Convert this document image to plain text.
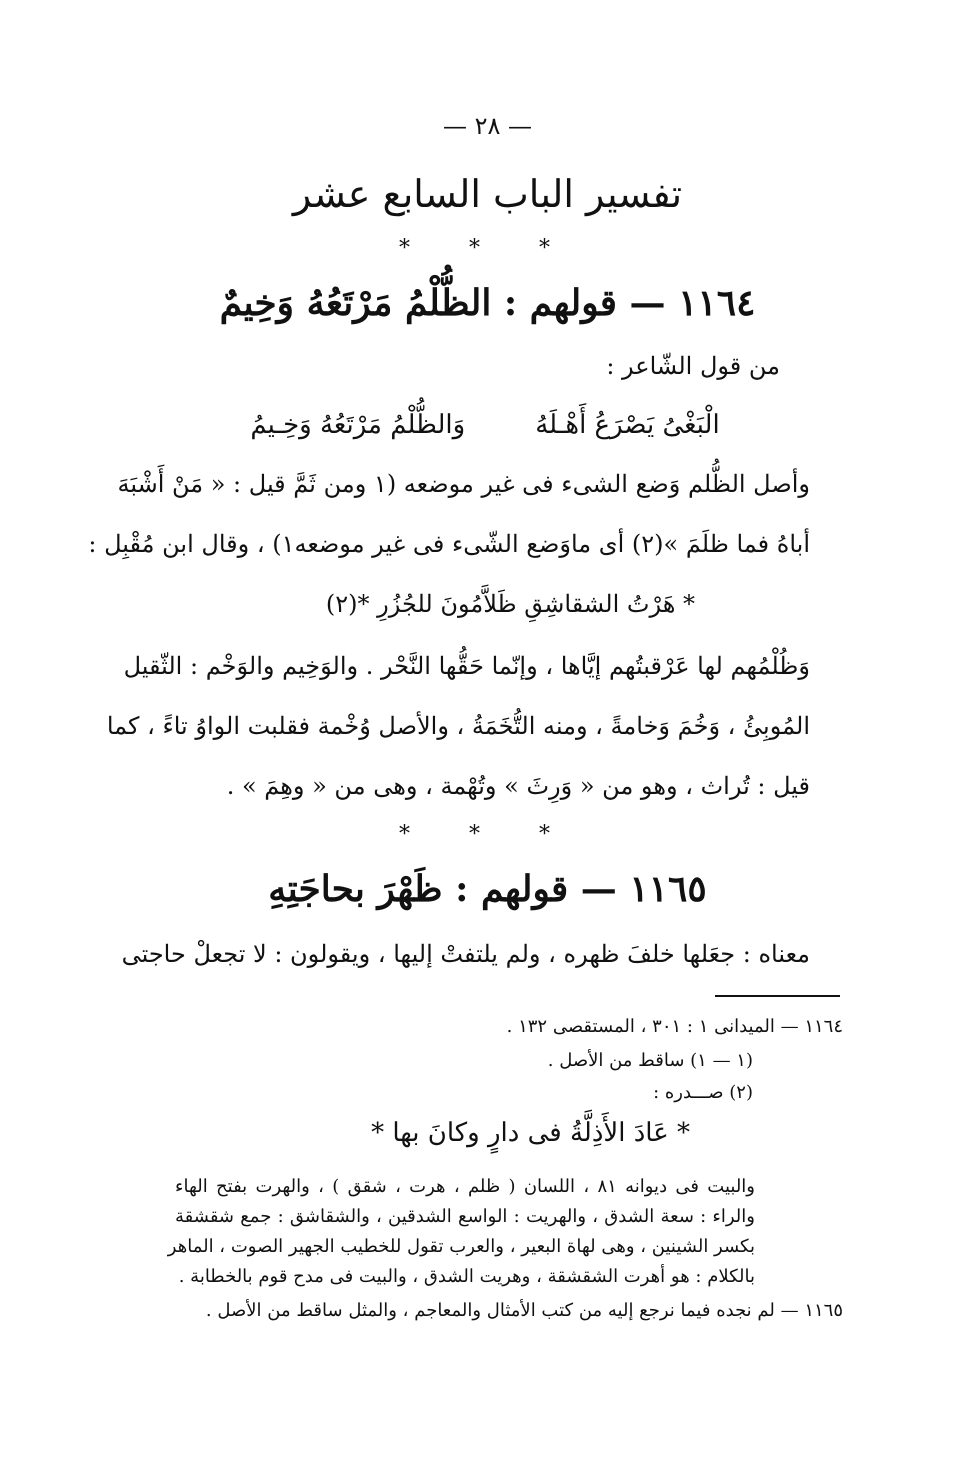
— ٢٨ —
تفسير الباب السابع عشر
* * *
١١٦٤ — قولهم : الظُّلْمُ مَرْتَعُهُ وَخِيمٌ
من قول الشّاعر :
الْبَغْىُ يَصْرَعُ أَهْـلَهُوَالظُّلْمُ مَرْتَعُهُ وَخِـيمُ
وأصل الظُّلم وَضع الشىء فى غير موضعه (١ ومن ثَمَّ قيل : « مَنْ أَشْبَهَ
أباهُ فما ظلَمَ »(٢) أى ماوَضع الشّىء فى غير موضعه١) ، وقال ابن مُقْبِل :
* هَرْتُ الشقاشِقِ ظَلاَّمُونَ للجُزُرِ *(٢)
وَظُلْمُهم لها عَرْقبتُهم إيَّاها ، وإنّما حَقُّها النَّحْر . والوَخِيم والوَخْم : الثّقيل
المُوبِئُ ، وَخُمَ وَخامةً ، ومنه التُّخَمَةُ ، والأصل وُخْمة فقلبت الواوُ تاءً ، كما
قيل : تُراث ، وهو من « وَرِثَ » وتُهْمة ، وهى من « وهِمَ » .
* * *
١١٦٥ — قولهم : ظَهْرَ بحاجَتِهِ
معناه : جعَلها خلفَ ظهره ، ولم يلتفتْ إليها ، ويقولون : لا تجعلْ حاجتى
١١٦٤ — الميدانى ١ : ٣٠١ ، المستقصى ١٣٢ .
(١ — ١) ساقط من الأصل .
(٢) صـــدره :
* عَادَ الأَذِلَّةُ فى دارٍ وكانَ بها *
والبيت فى ديوانه ٨١ ، اللسان ( ظلم ، هرت ، شقق ) ، والهرت بفتح الهاء
والراء : سعة الشدق ، والهريت : الواسع الشدقين ، والشقاشق : جمع شقشقة
بكسر الشينين ، وهى لهاة البعير ، والعرب تقول للخطيب الجهير الصوت ، الماهر
بالكلام : هو أهرت الشقشقة ، وهريت الشدق ، والبيت فى مدح قوم بالخطابة .
١١٦٥ — لم نجده فيما نرجع إليه من كتب الأمثال والمعاجم ، والمثل ساقط من الأصل .
